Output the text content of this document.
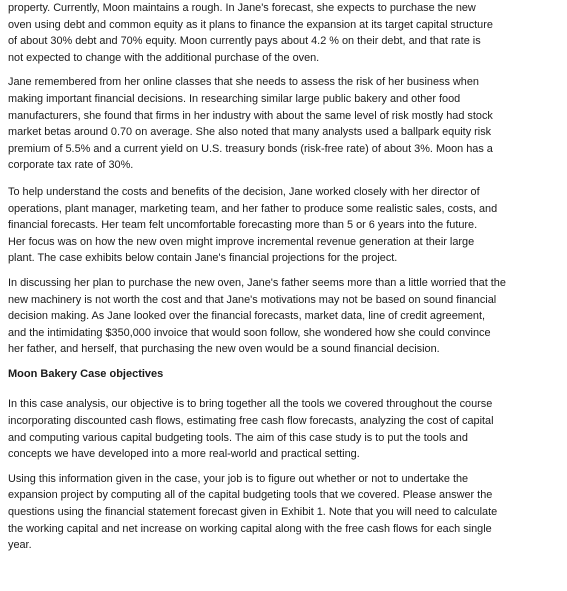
property. Currently, Moon maintains a rough. In Jane's forecast, she expects to purchase the new
oven using debt and common equity as it plans to finance the expansion at its target capital structure
of about 30% debt and 70% equity. Moon currently pays about 4.2 % on their debt, and that rate is
not expected to change with the additional purchase of the oven.

Jane remembered from her online classes that she needs to assess the risk of her business when
making important financial decisions. In researching similar large public bakery and other food
manufacturers, she found that firms in her industry with about the same level of risk mostly had stock
market betas around 0.70 on average. She also noted that many analysts used a ballpark equity risk
premium of 5.5% and a current yield on U.S. treasury bonds (risk-free rate) of about 3%. Moon has a
corporate tax rate of 30%.

To help understand the costs and benefits of the decision, Jane worked closely with her director of
operations, plant manager, marketing team, and her father to produce some realistic sales, costs, and
financial forecasts. Her team felt uncomfortable forecasting more than 5 or 6 years into the future.
Her focus was on how the new oven might improve incremental revenue generation at their large
plant. The case exhibits below contain Jane's financial projections for the project.

In discussing her plan to purchase the new oven, Jane's father seems more than a little worried that the
new machinery is not worth the cost and that Jane's motivations may not be based on sound financial
decision making. As Jane looked over the financial forecasts, market data, line of credit agreement,
and the intimidating $350,000 invoice that would soon follow, she wondered how she could convince
her father, and herself, that purchasing the new oven would be a sound financial decision.

Moon Bakery Case objectives

In this case analysis, our objective is to bring together all the tools we covered throughout the course
incorporating discounted cash flows, estimating free cash flow forecasts, analyzing the cost of capital
and computing various capital budgeting tools. The aim of this case study is to put the tools and
concepts we have developed into a more real-world and practical setting.

Using this information given in the case, your job is to figure out whether or not to undertake the
expansion project by computing all of the capital budgeting tools that we covered. Please answer the
questions using the financial statement forecast given in Exhibit 1. Note that you will need to calculate
the working capital and net increase on working capital along with the free cash flows for each single
year.
